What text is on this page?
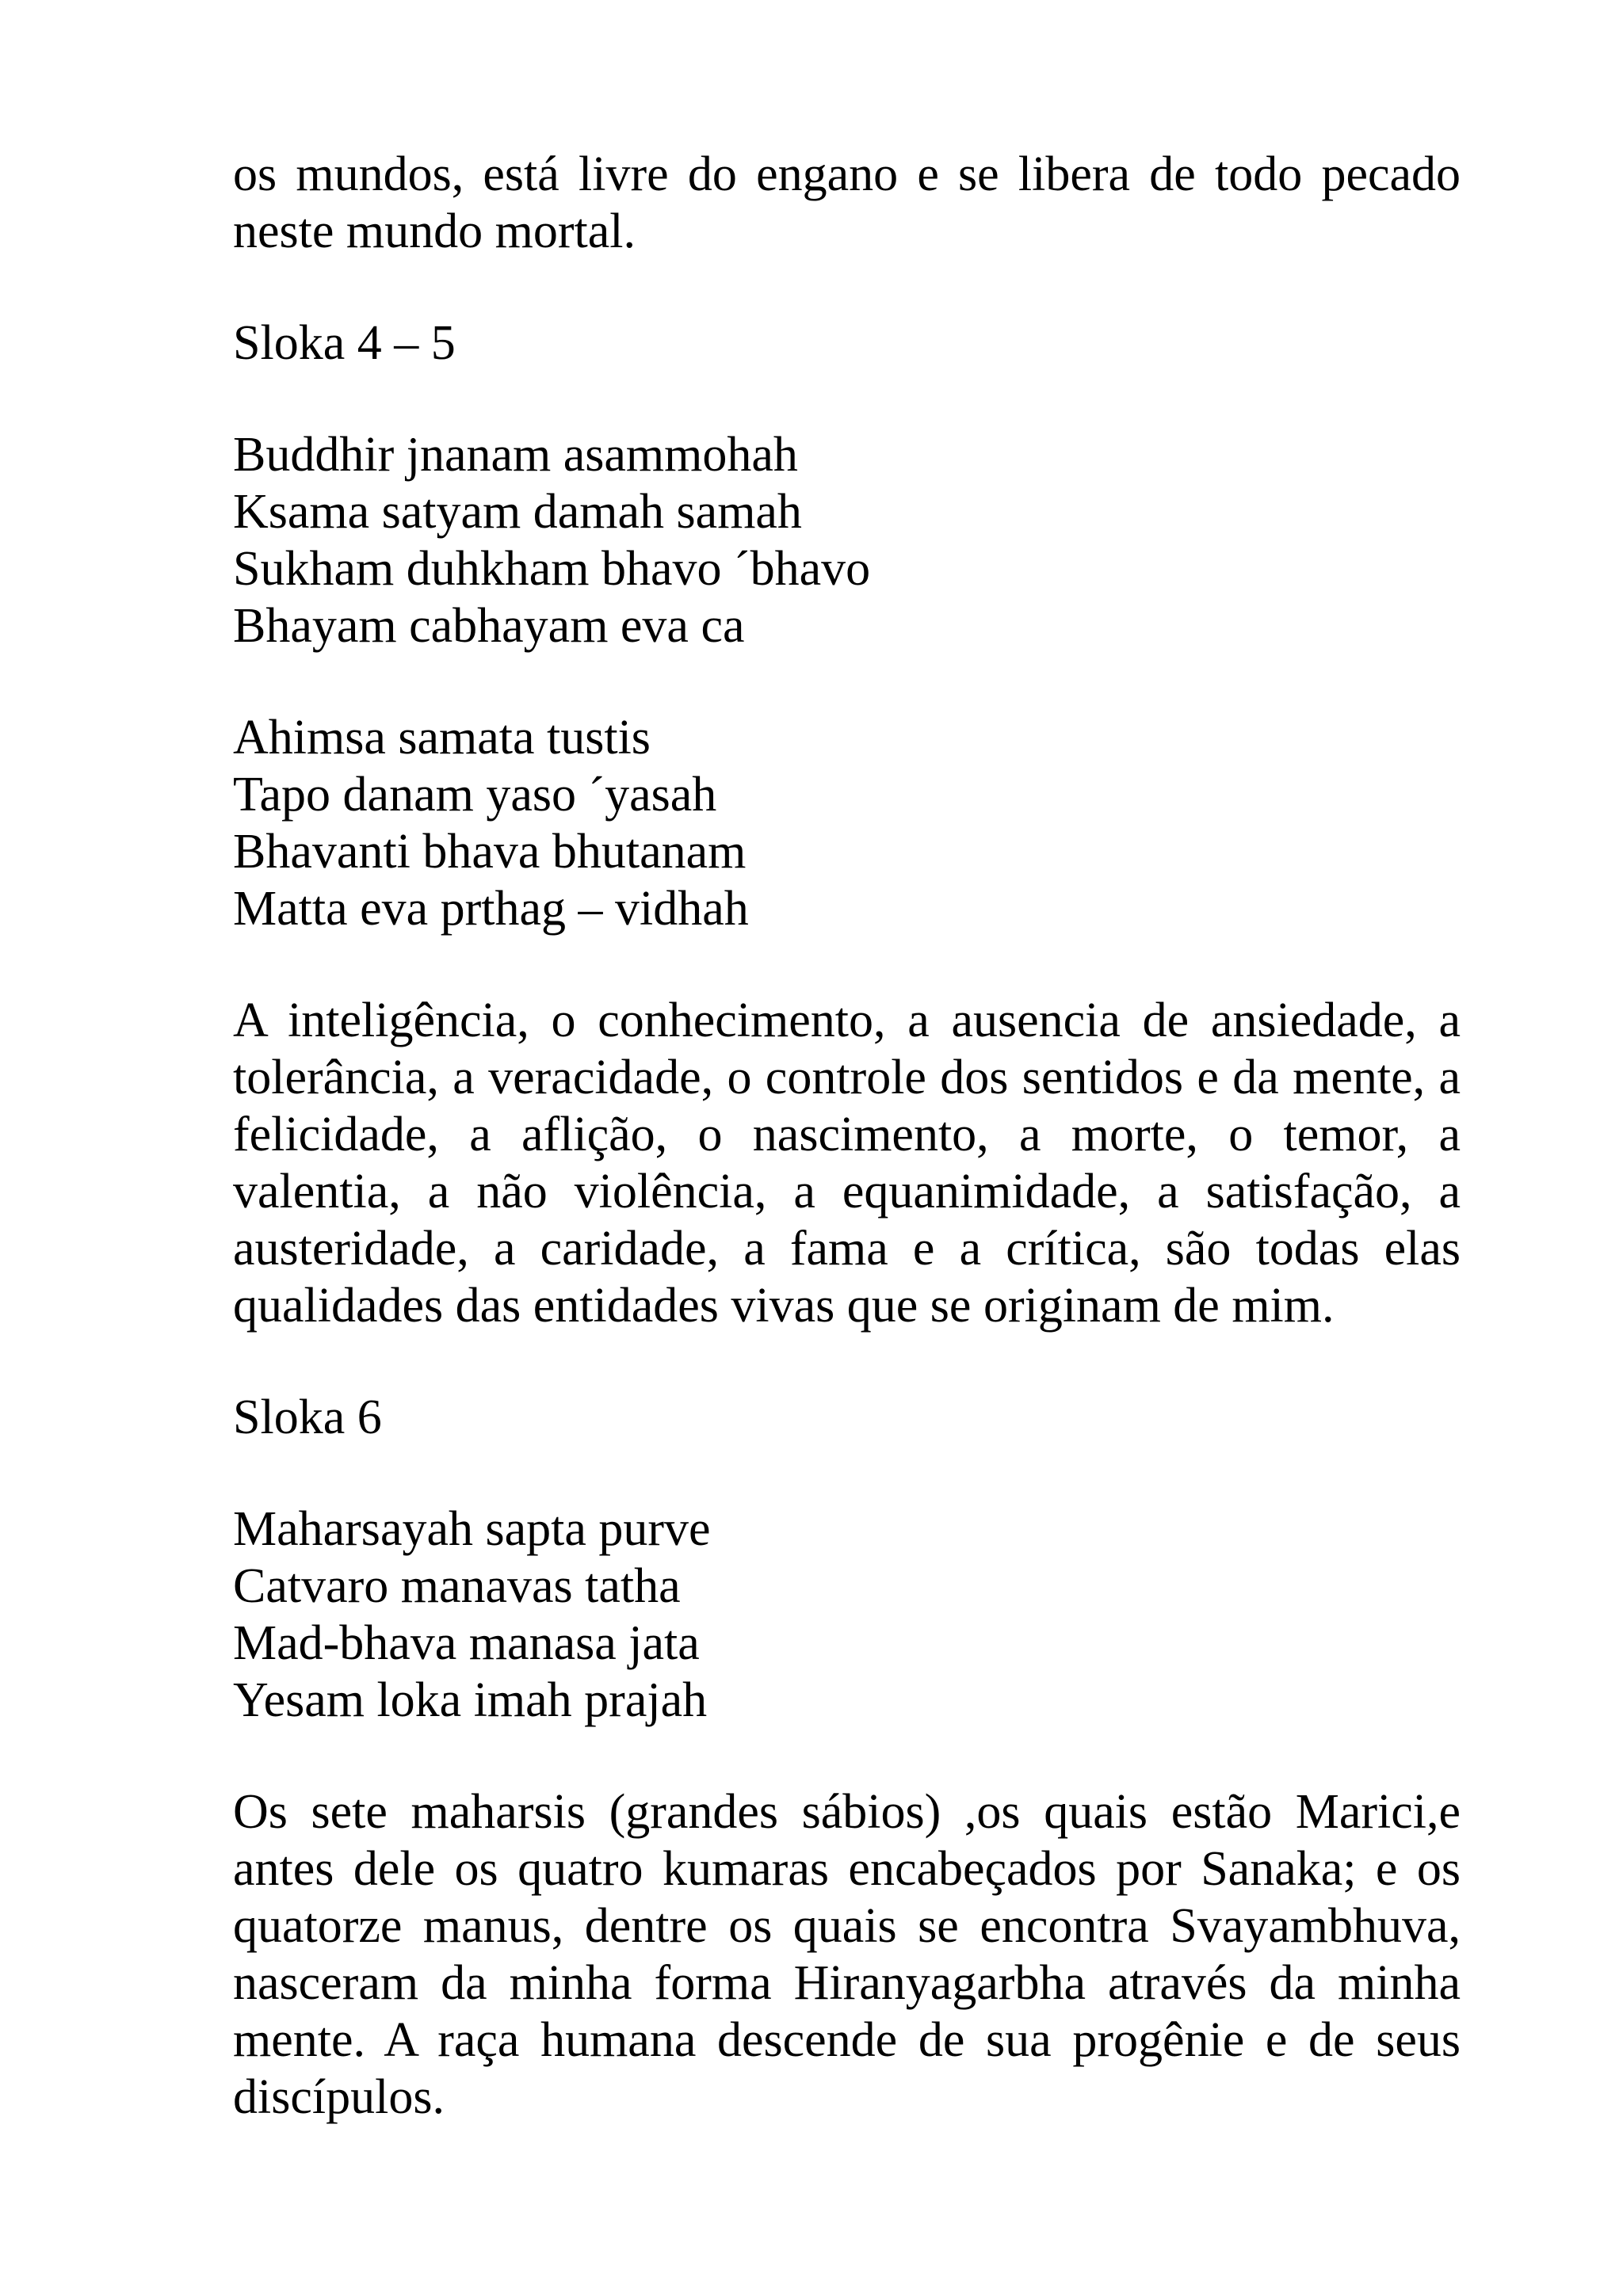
os mundos, está livre do engano e se libera de todo pecado neste mundo mortal.

Sloka 4 – 5

Buddhir jnanam asammohah
Ksama satyam damah samah
Sukham duhkham bhavo ´bhavo
Bhayam cabhayam eva ca
Ahimsa samata tustis
Tapo danam yaso ´yasah
Bhavanti bhava bhutanam
Matta eva prthag – vidhah

A inteligência, o conhecimento, a ausencia de ansiedade, a tolerância, a veracidade, o controle dos sentidos e da mente, a felicidade, a aflição, o nascimento, a morte, o temor, a valentia, a não violência, a equanimidade, a satisfação, a austeridade, a caridade, a fama e a crítica, são todas elas qualidades das entidades vivas que se originam de mim.

Sloka 6

Maharsayah sapta purve
Catvaro manavas tatha
Mad-bhava manasa jata
Yesam loka imah prajah

Os sete maharsis (grandes sábios) ,os quais estão Marici,e antes dele os quatro kumaras encabeçados por Sanaka; e os quatorze manus, dentre os quais se encontra Svayambhuva, nasceram da minha forma Hiranyagarbha através da minha mente. A raça humana descende de sua progênie e de seus discípulos.
